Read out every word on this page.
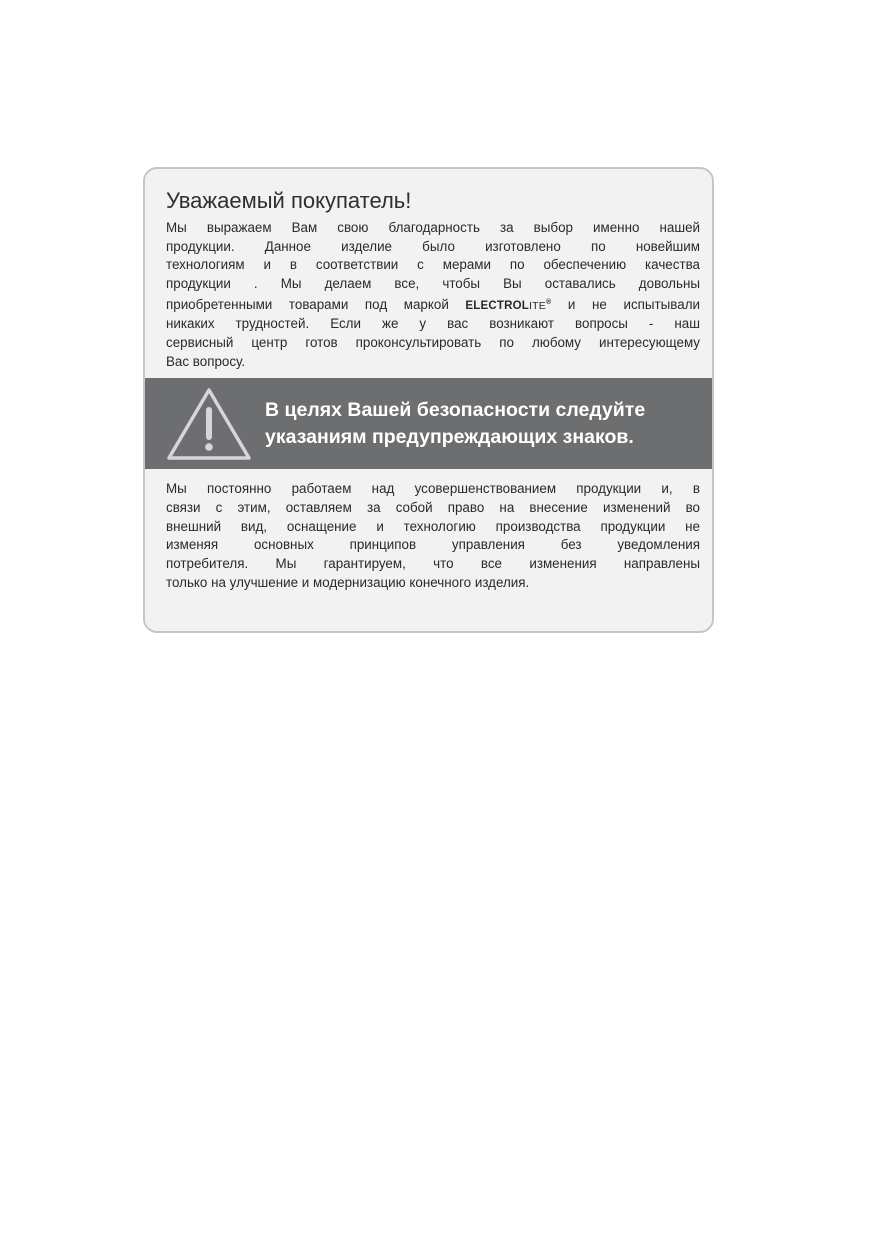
Уважаемый покупатель!

Мы выражаем Вам свою благодарность за выбор именно нашей
продукции. Данное изделие было изготовлено по новейшим
технологиям и в соответствии с мерами по обеспечению качества
продукции . Мы делаем все, чтобы Вы оставались довольны
приобретенными товарами под маркой ELECTROLITE® и не испытывали
никаких трудностей. Если же у вас возникают вопросы - наш
сервисный центр готов проконсультировать по любому интересующему
Вас вопросу.

В целях Вашей безопасности следуйте
указаниям предупреждающих знаков.

Мы постоянно работаем над усовершенствованием продукции и, в
связи с этим, оставляем за собой право на внесение изменений во
внешний вид, оснащение и технологию производства продукции не
изменяя основных принципов управления без уведомления
потребителя. Мы гарантируем, что все изменения направлены
только на улучшение и модернизацию конечного изделия.
